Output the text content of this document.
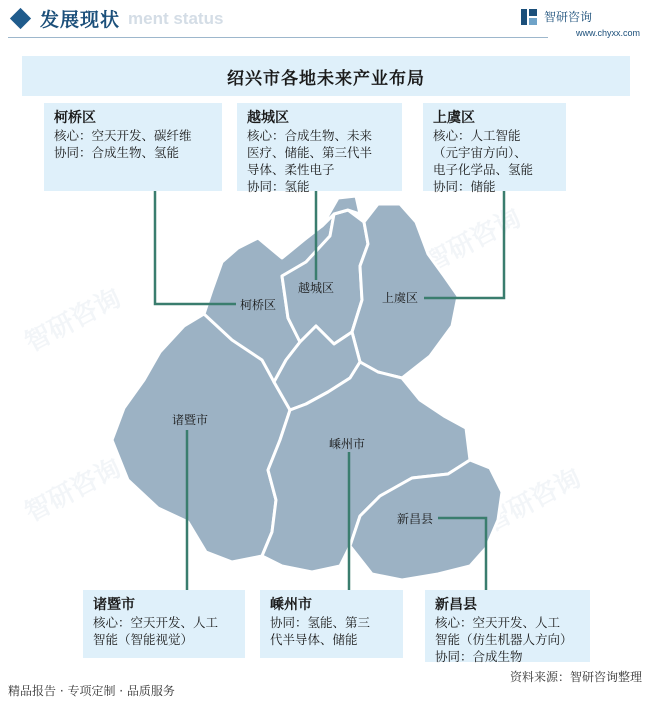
智研咨询
智研咨询
智研咨询	智研咨询
ment status
发展现状	智研咨询
www.chyxx.com
绍兴市各地未来产业布局
柯桥区
越城区
上虞区
诸暨市
嵊州市
新昌县
柯桥区
核心：空天开发、碳纤维
协同：合成生物、氢能
越城区
核心：合成生物、未来
医疗、储能、第三代半
导体、柔性电子
协同：氢能
上虞区
核心：人工智能
（元宇宙方向）、
电子化学品、氢能
协同：储能
诸暨市
核心：空天开发、人工
智能（智能视觉）
嵊州市
协同：氢能、第三
代半导体、储能
新昌县
核心：空天开发、人工
智能（仿生机器人方向）
协同：合成生物
资料来源：智研咨询整理
精品报告 · 专项定制 · 品质服务
